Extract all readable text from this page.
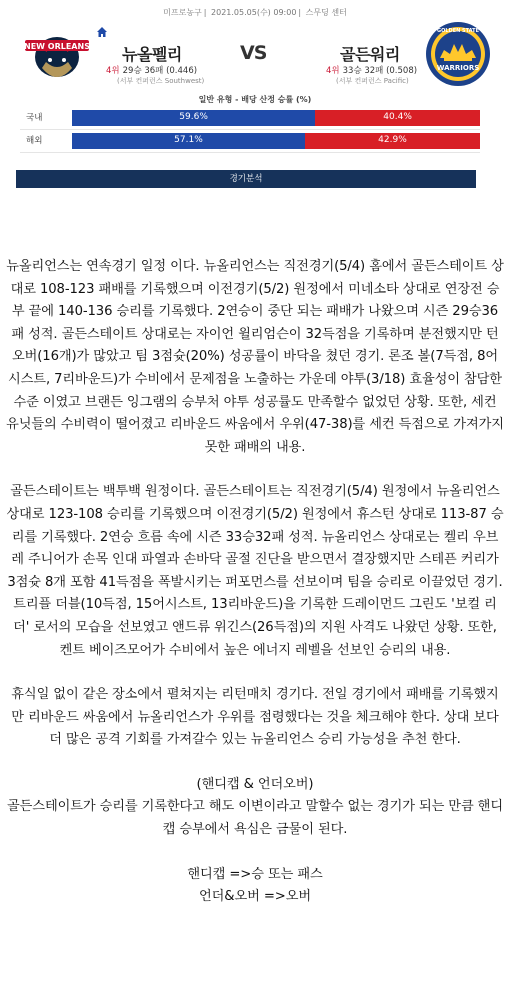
미프로농구 | 2021.05.05(수) 09:00 | 스무딩 센터
NEW ORLEANS 뉴올펠리	VS	골든워리
4위 29승 36패 (0.446)
(서부 컨퍼런스 Southwest)
4위 33승 32패 (0.508)
(서부 컨퍼런스 Pacific)
GOLDEN STATE
WARRIORS
일반 유형 - 배당 산정 승률 (%)
국내	59.6%	40.4%
해외	57.1%	42.9%
경기분석

뉴올리언스는 연속경기 일정 이다. 뉴올리언스는 직전경기(5/4) 홈에서 골든스테이트 상대로 108-123 패배를 기록했으며 이전경기(5/2) 원정에서 미네소타 상대로 연장전 승부 끝에 140-136 승리를 기록했다. 2연승이 중단 되는 패배가 나왔으며 시즌 29승36패 성적. 골든스테이트 상대로는 자이언 윌리엄슨이 32득점을 기록하며 분전했지만 턴오버(16개)가 많았고 팀 3점슛(20%) 성공률이 바닥을 쳤던 경기. 론조 볼(7득점, 8어시스트, 7리바운드)가 수비에서 문제점을 노출하는 가운데 야투(3/18) 효율성이 참담한 수준 이였고 브랜든 잉그램의 승부처 야투 성공률도 만족할수 없었던 상황. 또한, 세컨 유닛들의 수비력이 떨어졌고 리바운드 싸움에서 우위(47-38)를 세컨 득점으로 가져가지 못한 패배의 내용.

골든스테이트는 백투백 원정이다. 골든스테이트는 직전경기(5/4) 원정에서 뉴올리언스 상대로 123-108 승리를 기록했으며 이전경기(5/2) 원정에서 휴스턴 상대로 113-87 승리를 기록했다. 2연승 흐름 속에 시즌 33승32패 성적. 뉴올리언스 상대로는 켈리 우브레 주니어가 손목 인대 파열과 손바닥 골절 진단을 받으면서 결장했지만 스테픈 커리가 3점슛 8개 포함 41득점을 폭발시키는 퍼포먼스를 선보이며 팀을 승리로 이끌었던 경기. 트리플 더블(10득점, 15어시스트, 13리바운드)을 기록한 드레이먼드 그린도 '보컬 리더' 로서의 모습을 선보였고 앤드류 위긴스(26득점)의 지원 사격도 나왔던 상황. 또한, 켄트 베이즈모어가 수비에서 높은 에너지 레벨을 선보인 승리의 내용.

휴식일 없이 같은 장소에서 펼쳐지는 리턴매치 경기다. 전일 경기에서 패배를 기록했지만 리바운드 싸움에서 뉴올리언스가 우위를 점령했다는 것을 체크해야 한다. 상대 보다 더 많은 공격 기회를 가져갈수 있는 뉴올리언스 승리 가능성을 추천 한다.

(핸디캡 & 언더오버)

골든스테이트가 승리를 기록한다고 해도 이변이라고 말할수 없는 경기가 되는 만큼 핸디캡 승부에서 욕심은 금물이 된다.

핸디캡 =>승 또는 패스

언더&오버 =>오버
